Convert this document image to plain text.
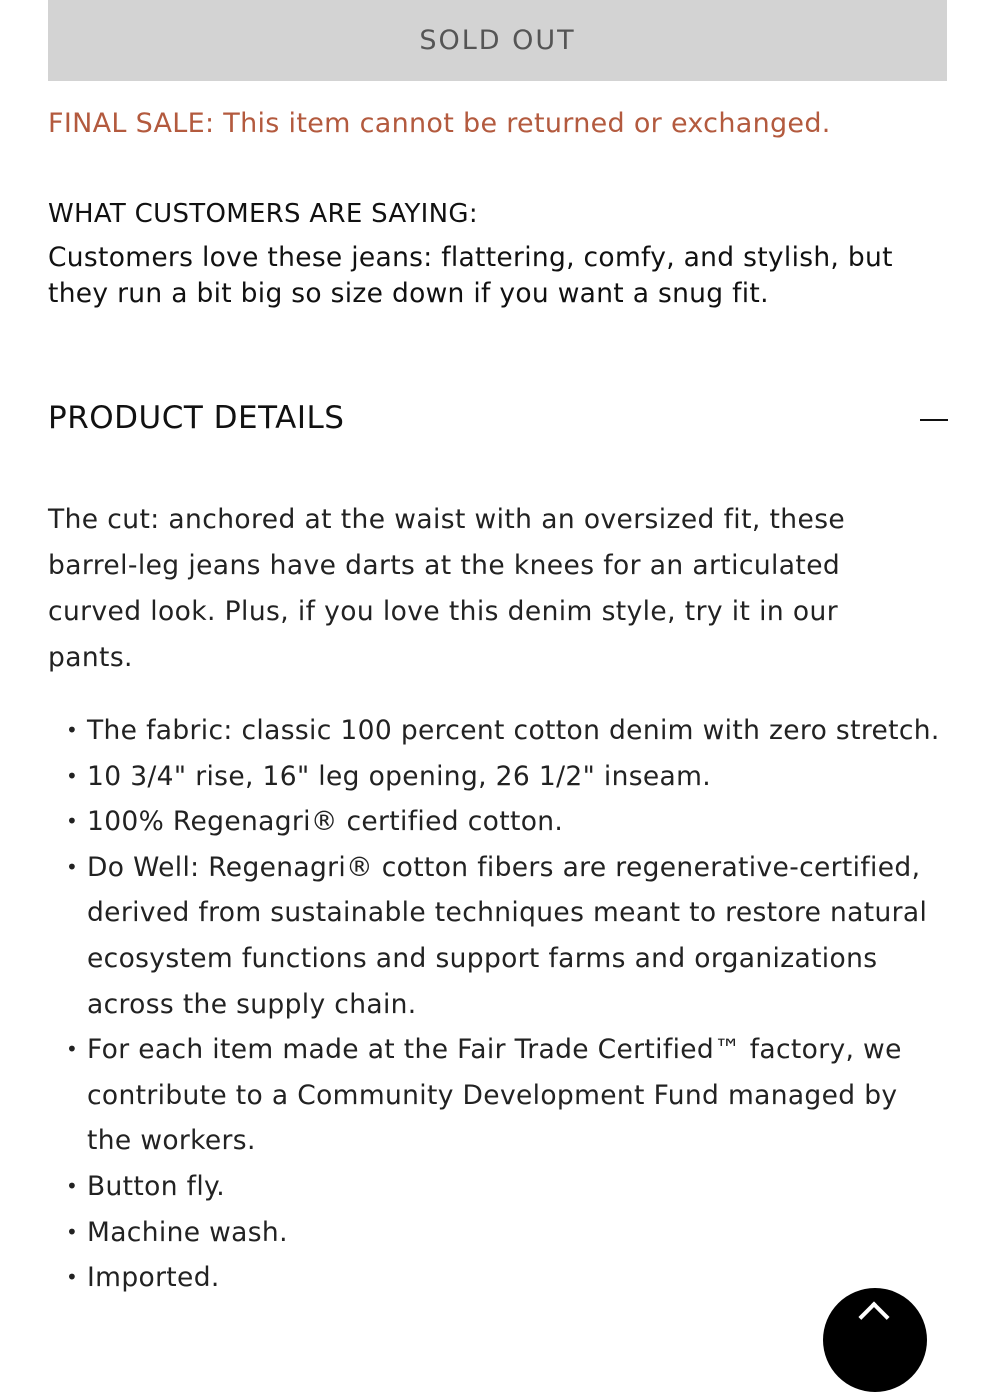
SOLD OUT

FINAL SALE: This item cannot be returned or exchanged.

WHAT CUSTOMERS ARE SAYING:

Customers love these jeans: flattering, comfy, and stylish, but they run a bit big so size down if you want a snug fit.

PRODUCT DETAILS

The cut: anchored at the waist with an oversized fit, these barrel-leg jeans have darts at the knees for an articulated curved look. Plus, if you love this denim style, try it in our pants.

• The fabric: classic 100 percent cotton denim with zero stretch.
• 10 3/4" rise, 16" leg opening, 26 1/2" inseam.
• 100% Regenagri® certified cotton.
• Do Well: Regenagri® cotton fibers are regenerative-certified, derived from sustainable techniques meant to restore natural ecosystem functions and support farms and organizations across the supply chain.
• For each item made at the Fair Trade Certified™ factory, we contribute to a Community Development Fund managed by the workers.
• Button fly.
• Machine wash.
• Imported.
